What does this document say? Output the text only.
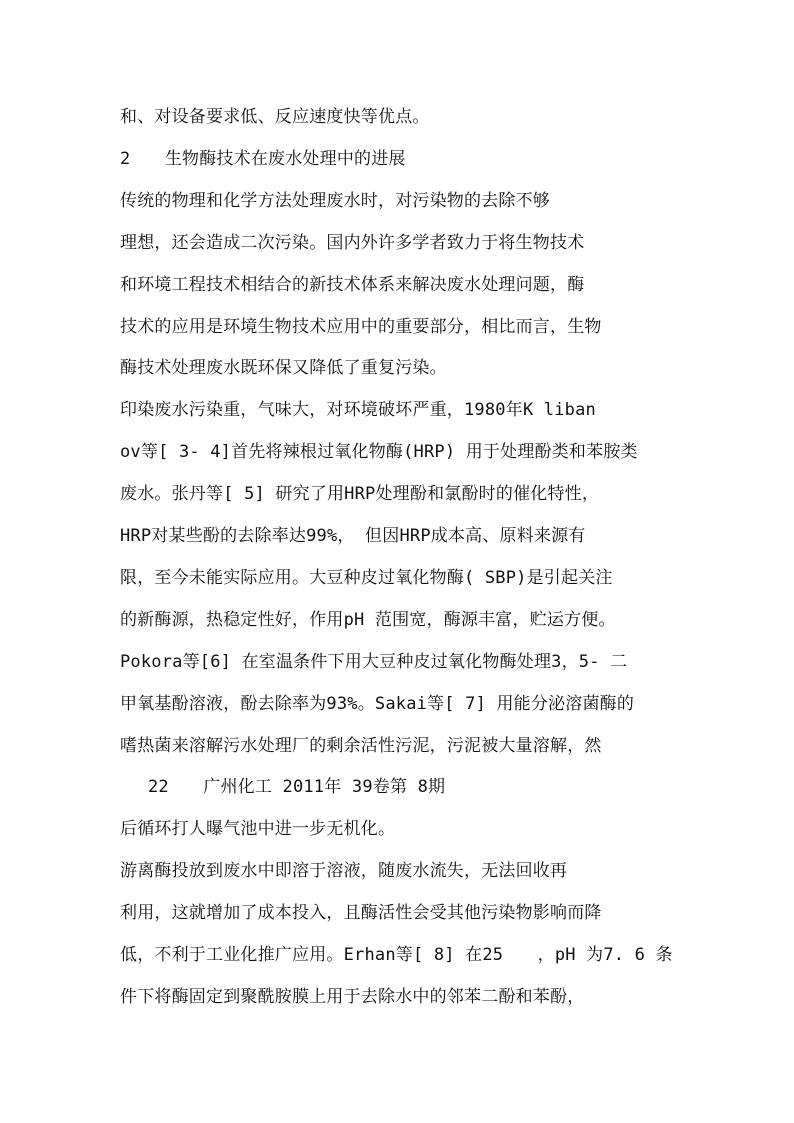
和、对设备要求低、反应速度快等优点。
2　　生物酶技术在废水处理中的进展
传统的物理和化学方法处理废水时，对污染物的去除不够
理想，还会造成二次污染。国内外许多学者致力于将生物技术
和环境工程技术相结合的新技术体系来解决废水处理问题，酶
技术的应用是环境生物技术应用中的重要部分，相比而言，生物
酶技术处理废水既环保又降低了重复污染。
印染废水污染重，气味大，对环境破坏严重，1980年K liban
ov等[ 3- 4]首先将辣根过氧化物酶(HRP) 用于处理酚类和苯胺类
废水。张丹等[ 5] 研究了用HRP处理酚和氯酚时的催化特性，
HRP对某些酚的去除率达99%， 但因HRP成本高、原料来源有
限，至今未能实际应用。大豆种皮过氧化物酶( SBP)是引起关注
的新酶源，热稳定性好，作用pH 范围宽，酶源丰富，贮运方便。
Pokora等[6] 在室温条件下用大豆种皮过氧化物酶处理3，5- 二
甲氧基酚溶液，酚去除率为93%。Sakai等[ 7] 用能分泌溶菌酶的
嗜热菌来溶解污水处理厂的剩余活性污泥，污泥被大量溶解，然
22　　广州化工 2011年 39卷第 8期
后循环打人曝气池中进一步无机化。
游离酶投放到废水中即溶于溶液，随废水流失，无法回收再
利用，这就增加了成本投入，且酶活性会受其他污染物影响而降
低，不利于工业化推广应用。Erhan等[ 8] 在25　　，pH 为7. 6 条
件下将酶固定到聚酰胺膜上用于去除水中的邻苯二酚和苯酚，
